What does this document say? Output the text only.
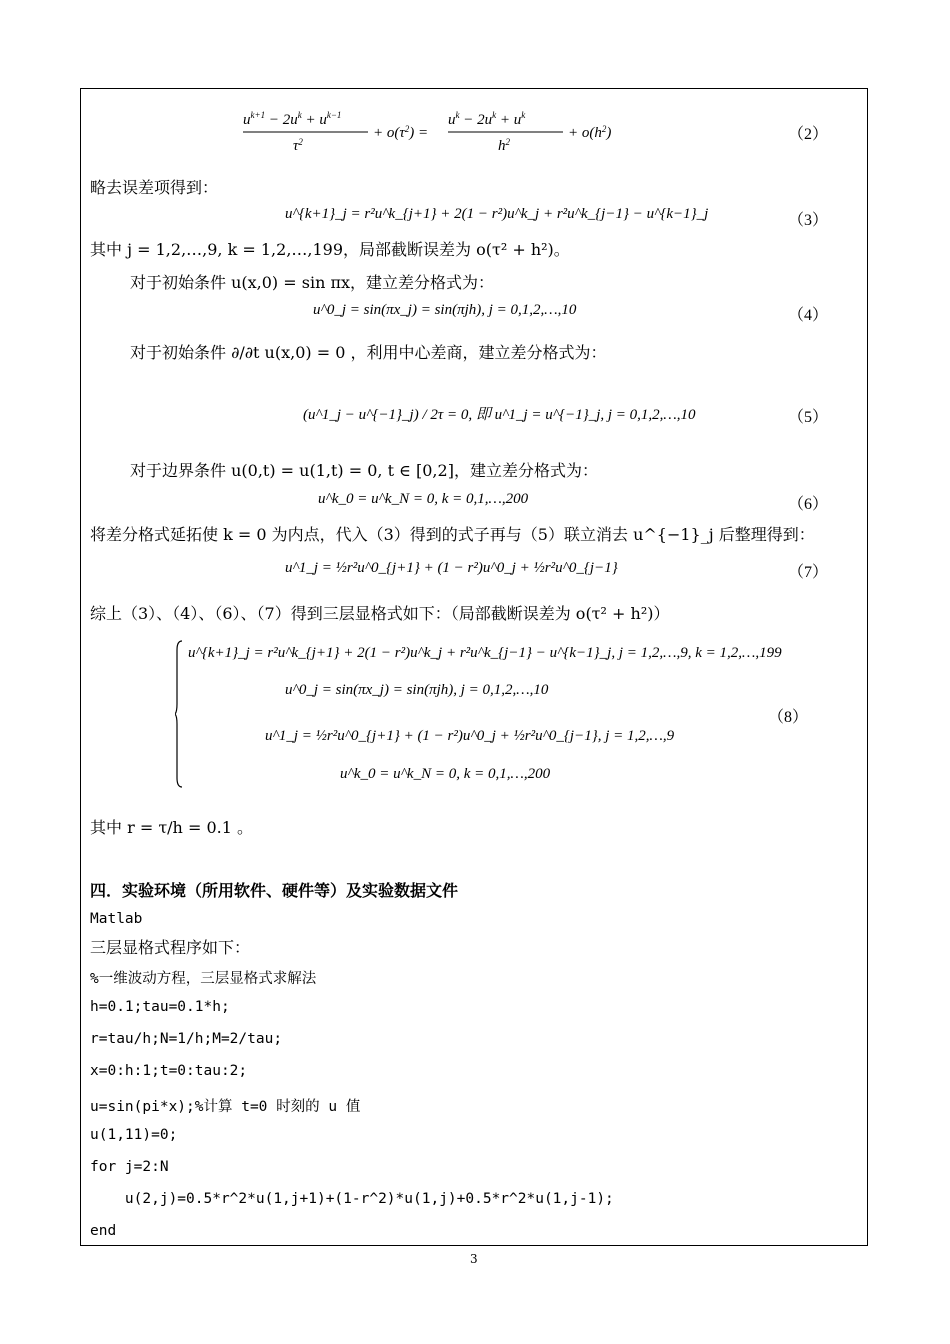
$u^{k+1} - 2u^k + u^{k-1}$
$\tau^2$
+ $o(\tau^2)$ =
$u^k - 2u^k + u^k$
$h^2$
+ $o(h^2)$	（2）
略去误差项得到：
u^{k+1}_j = r²u^k_{j+1} + 2(1 − r²)u^k_j + r²u^k_{j−1} − u^{k−1}_j	（3）
其中 j = 1,2,…,9, k = 1,2,…,199，局部截断误差为 o(τ² + h²)。
对于初始条件 u(x,0) = sin πx，建立差分格式为：
u^0_j = sin(πx_j) = sin(πjh), j = 0,1,2,…,10	（4）
对于初始条件 ∂/∂t u(x,0) = 0 ，利用中心差商，建立差分格式为：
(u^1_j − u^{−1}_j) / 2τ = 0, 即 u^1_j = u^{−1}_j, j = 0,1,2,…,10	（5）
对于边界条件 u(0,t) = u(1,t) = 0, t ∈ [0,2]，建立差分格式为：
u^k_0 = u^k_N = 0, k = 0,1,…,200	（6）
将差分格式延拓使 k = 0 为内点，代入（3）得到的式子再与（5）联立消去 u^{−1}_j 后整理得到：
u^1_j = ½r²u^0_{j+1} + (1 − r²)u^0_j + ½r²u^0_{j−1}	（7）
综上（3）、（4）、（6）、（7）得到三层显格式如下：（局部截断误差为 o(τ² + h²)）
u^{k+1}_j = r²u^k_{j+1} + 2(1 − r²)u^k_j + r²u^k_{j−1} − u^{k−1}_j, j = 1,2,…,9, k = 1,2,…,199
u^0_j = sin(πx_j) = sin(πjh), j = 0,1,2,…,10
u^1_j = ½r²u^0_{j+1} + (1 − r²)u^0_j + ½r²u^0_{j−1}, j = 1,2,…,9
u^k_0 = u^k_N = 0, k = 0,1,…,200
（8）
其中 r = τ/h = 0.1 。
四．实验环境（所用软件、硬件等）及实验数据文件
Matlab
三层显格式程序如下：
%一维波动方程，三层显格式求解法
h=0.1;tau=0.1*h;
r=tau/h;N=1/h;M=2/tau;
x=0:h:1;t=0:tau:2;
u=sin(pi*x);%计算 t=0 时刻的 u 值
u(1,11)=0;
for j=2:N
u(2,j)=0.5*r^2*u(1,j+1)+(1-r^2)*u(1,j)+0.5*r^2*u(1,j-1);
end
3
